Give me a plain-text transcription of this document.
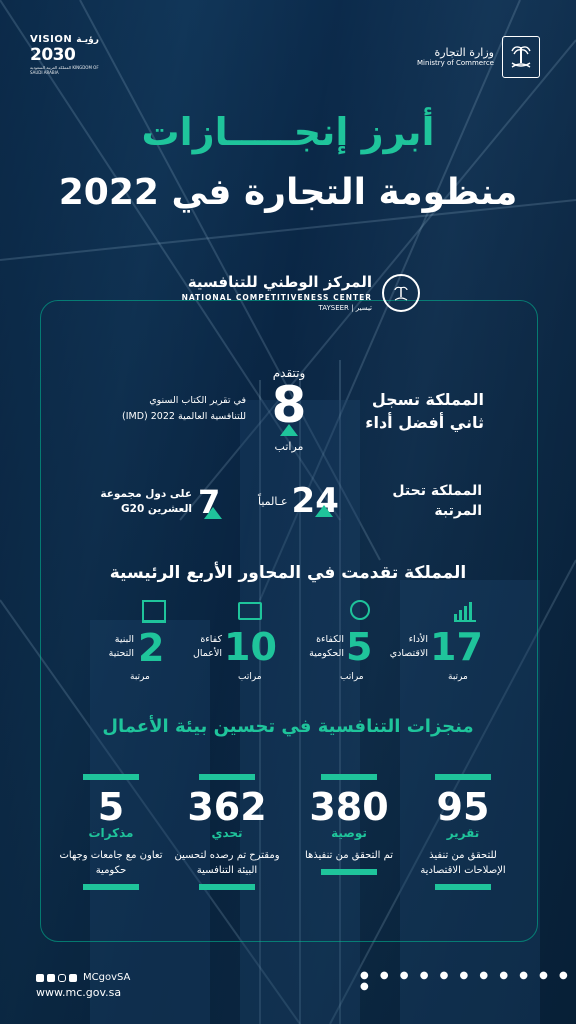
VISION رؤيـة
2030
المملكة العربية السعودية KINGDOM OF SAUDI ARABIA
وزارة التجارة
Ministry of Commerce
أبرز إنجـــــازات
منظومة التجارة في 2022
المركز الوطني للتنافسية
NATIONAL COMPETITIVENESS CENTER
TAYSEER | تيسير
المملكة تسجل ثاني أفضل أداء
وتتقدم
8
مراتب
في تقرير الكتاب السنوي للتنافسية العالمية 2022 (IMD)
المملكة تحتل المرتبة
عـالمياً 24
على دول مجموعة العشرين G20 7
المملكة تقدمت في المحاور الأربع الرئيسية
17
الأداء الاقتصادي
مرتبة
5
الكفاءة الحكومية
مراتب
10
كفاءة الأعمال
مراتب
2
البنية التحتية
مرتبة
منجزات التنافسية في تحسين بيئة الأعمال
5
مذكرات
تعاون مع جامعات وجهات حكومية
362
تحدي
ومقترح تم رصده لتحسين البيئة التنافسية
380
توصية
تم التحقق من تنفيذها
95
تقرير
للتحقق من تنفيذ الإصلاحات الاقتصادية
MCgovSA
www.mc.gov.sa
● ● ● ● ● ● ● ● ● ● ● ●
